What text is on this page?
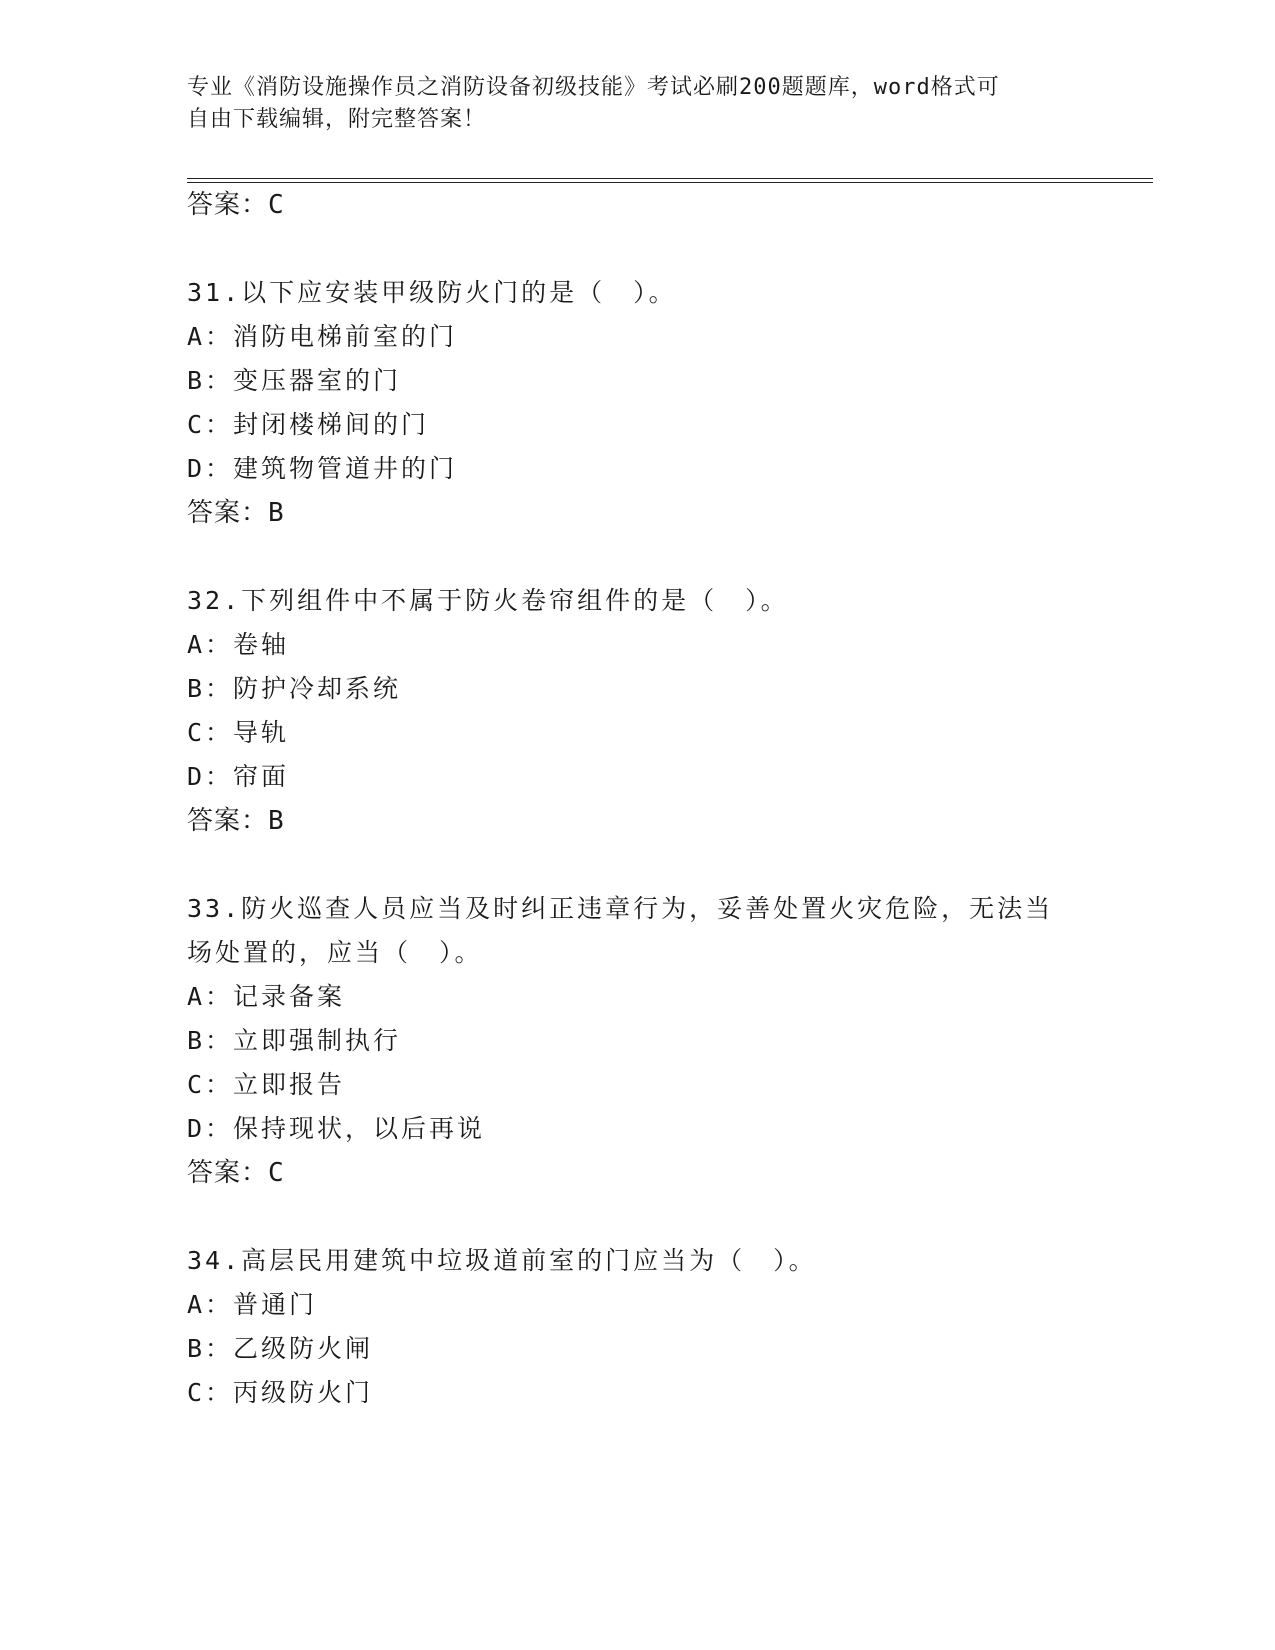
专业《消防设施操作员之消防设备初级技能》考试必刷200题题库，word格式可
自由下载编辑，附完整答案！
答案：C
31.以下应安装甲级防火门的是（　）。
A：消防电梯前室的门
B：变压器室的门
C：封闭楼梯间的门
D：建筑物管道井的门
答案：B
32.下列组件中不属于防火卷帘组件的是（　）。
A：卷轴
B：防护冷却系统
C：导轨
D：帘面
答案：B
33.防火巡查人员应当及时纠正违章行为，妥善处置火灾危险，无法当
场处置的，应当（　）。
A：记录备案
B：立即强制执行
C：立即报告
D：保持现状，以后再说
答案：C
34.高层民用建筑中垃圾道前室的门应当为（　）。
A：普通门
B：乙级防火闸
C：丙级防火门
